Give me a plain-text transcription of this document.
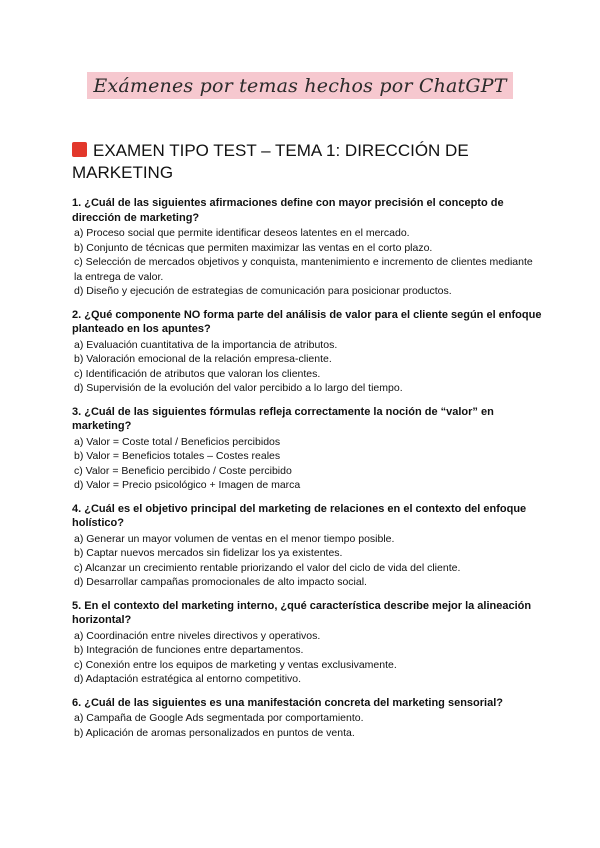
Exámenes por temas hechos por ChatGPT
EXAMEN TIPO TEST – TEMA 1: DIRECCIÓN DE MARKETING
1. ¿Cuál de las siguientes afirmaciones define con mayor precisión el concepto de dirección de marketing?
a) Proceso social que permite identificar deseos latentes en el mercado.
b) Conjunto de técnicas que permiten maximizar las ventas en el corto plazo.
c) Selección de mercados objetivos y conquista, mantenimiento e incremento de clientes mediante la entrega de valor.
d) Diseño y ejecución de estrategias de comunicación para posicionar productos.
2. ¿Qué componente NO forma parte del análisis de valor para el cliente según el enfoque planteado en los apuntes?
a) Evaluación cuantitativa de la importancia de atributos.
b) Valoración emocional de la relación empresa-cliente.
c) Identificación de atributos que valoran los clientes.
d) Supervisión de la evolución del valor percibido a lo largo del tiempo.
3. ¿Cuál de las siguientes fórmulas refleja correctamente la noción de “valor” en marketing?
a) Valor = Coste total / Beneficios percibidos
b) Valor = Beneficios totales – Costes reales
c) Valor = Beneficio percibido / Coste percibido
d) Valor = Precio psicológico + Imagen de marca
4. ¿Cuál es el objetivo principal del marketing de relaciones en el contexto del enfoque holístico?
a) Generar un mayor volumen de ventas en el menor tiempo posible.
b) Captar nuevos mercados sin fidelizar los ya existentes.
c) Alcanzar un crecimiento rentable priorizando el valor del ciclo de vida del cliente.
d) Desarrollar campañas promocionales de alto impacto social.
5. En el contexto del marketing interno, ¿qué característica describe mejor la alineación horizontal?
a) Coordinación entre niveles directivos y operativos.
b) Integración de funciones entre departamentos.
c) Conexión entre los equipos de marketing y ventas exclusivamente.
d) Adaptación estratégica al entorno competitivo.
6. ¿Cuál de las siguientes es una manifestación concreta del marketing sensorial?
a) Campaña de Google Ads segmentada por comportamiento.
b) Aplicación de aromas personalizados en puntos de venta.
